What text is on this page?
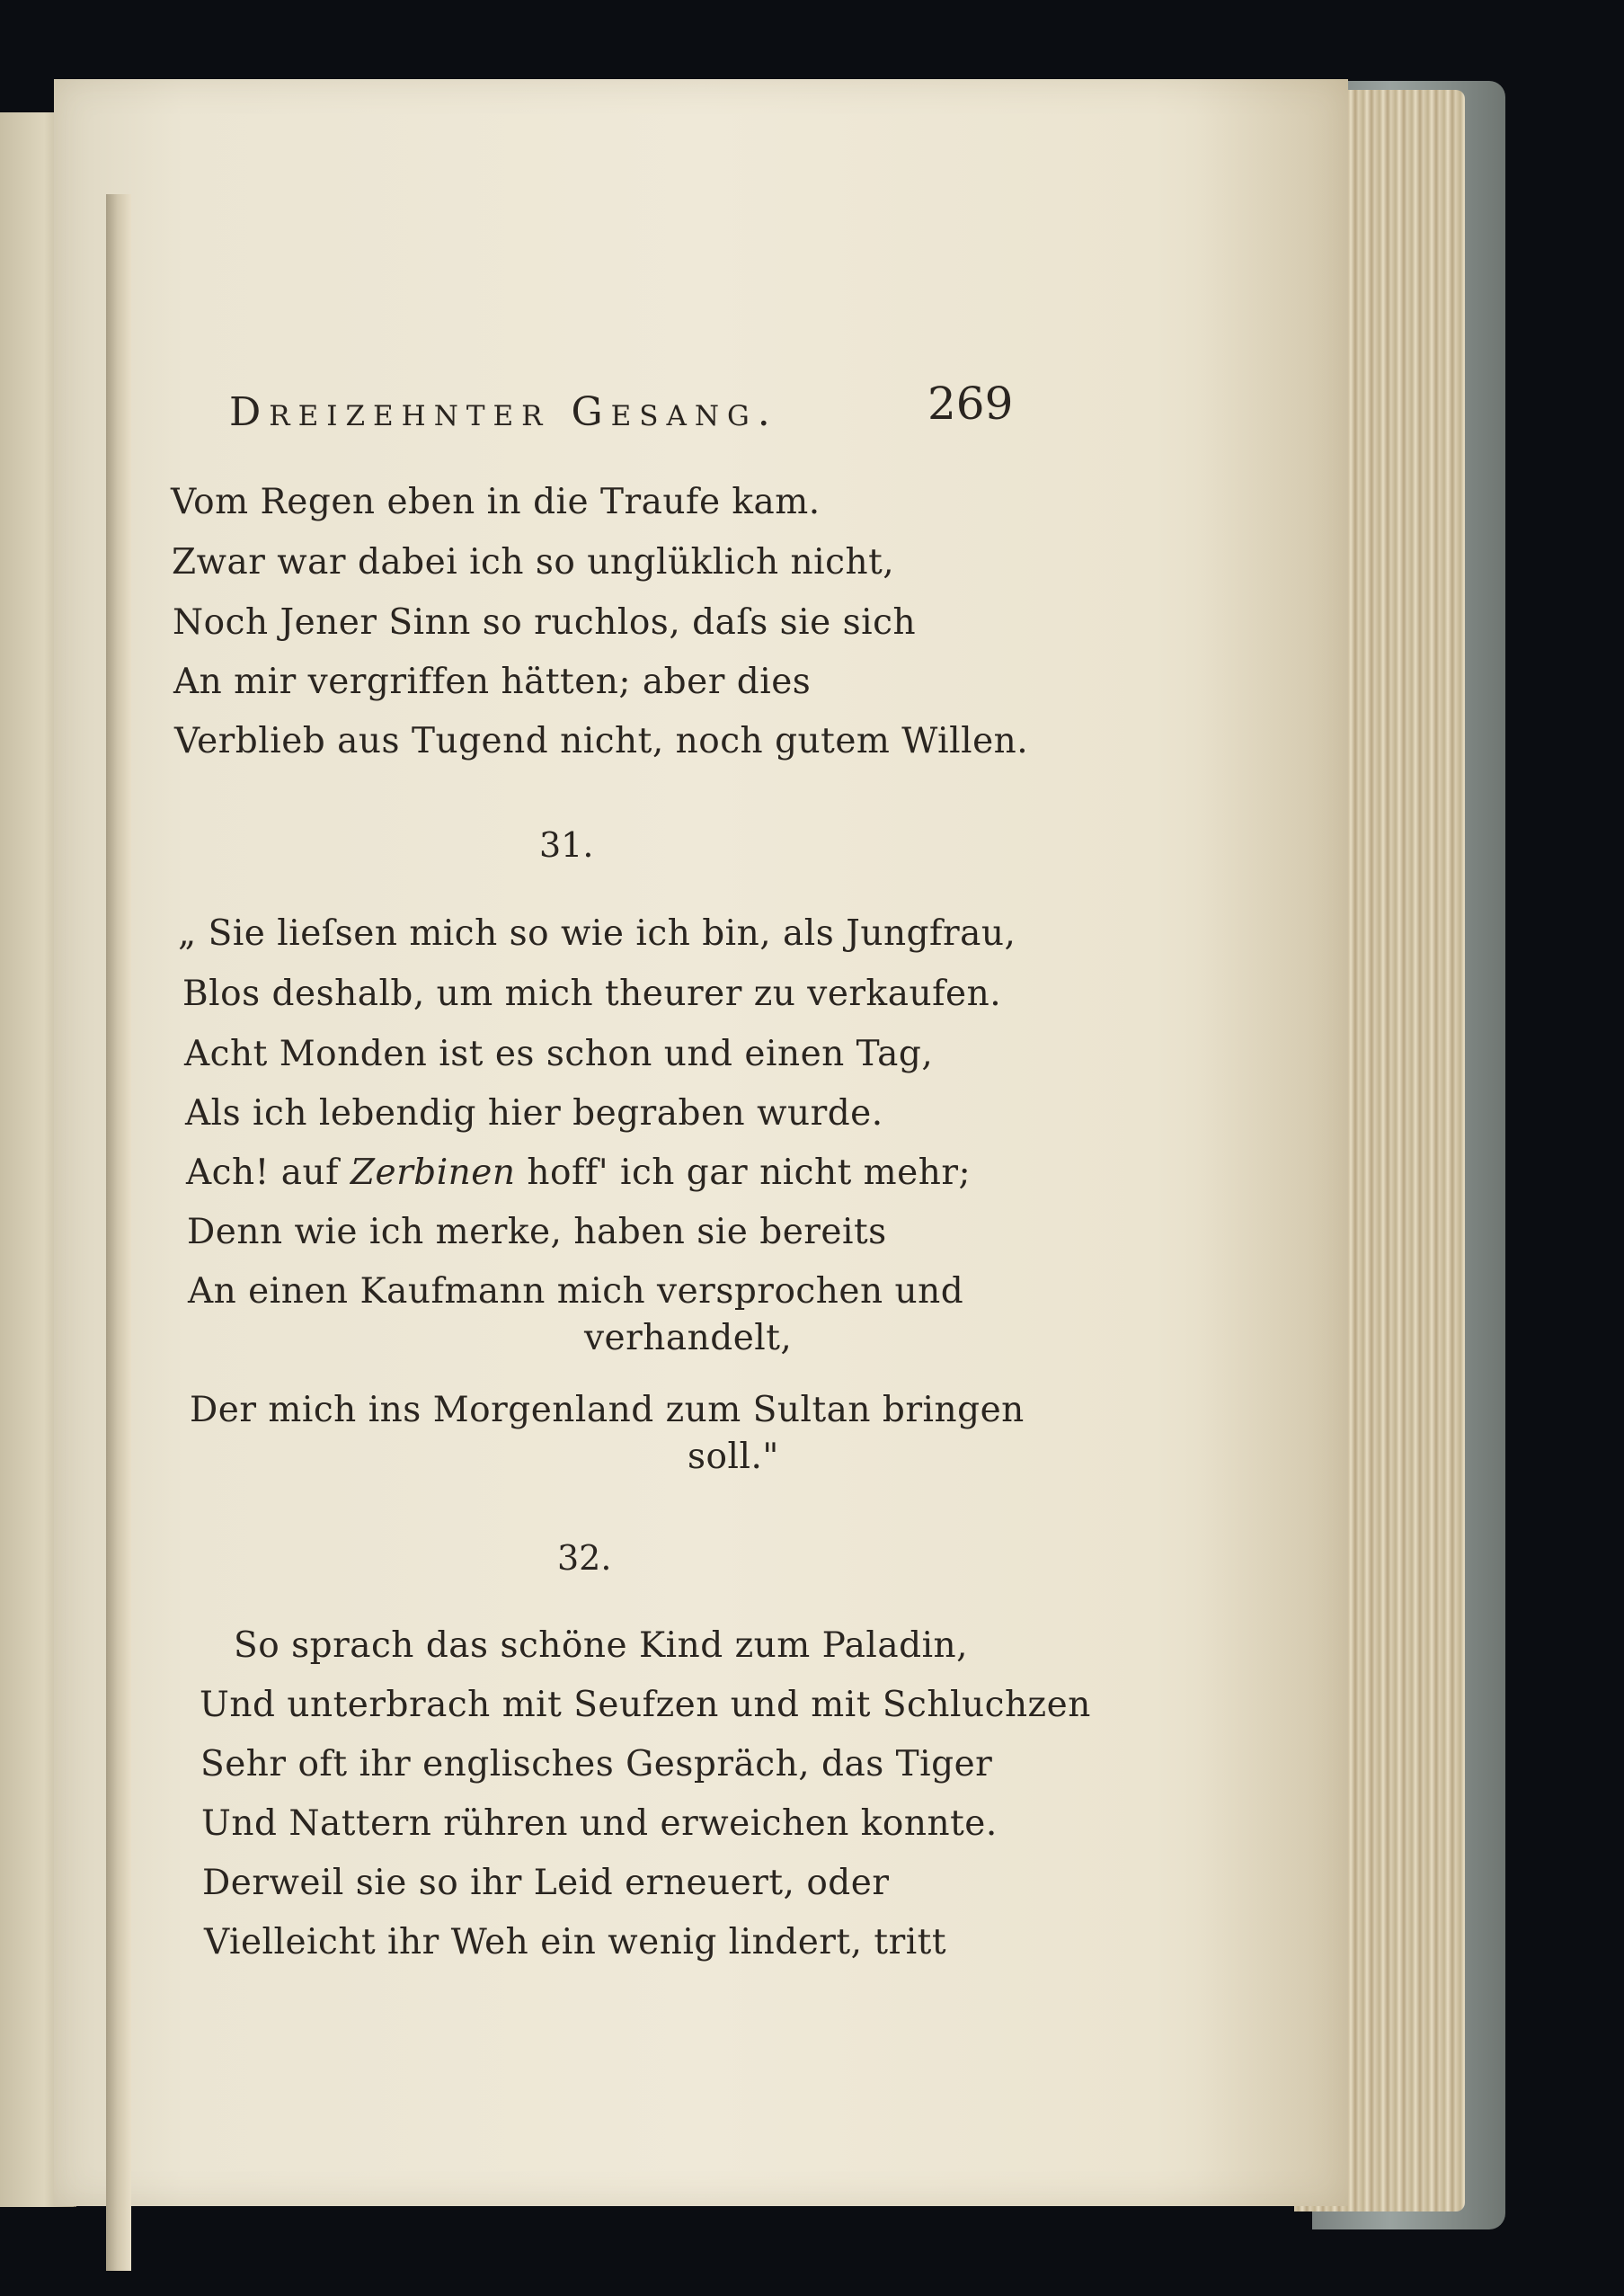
Dreizehnter Gesang.	269
Vom Regen eben in die Traufe kam.
Zwar war dabei ich so unglüklich nicht,
Noch Jener Sinn so ruchlos, daſs sie sich
An mir vergriffen hätten; aber dies
Verblieb aus Tugend nicht, noch gutem Willen.
31.
„ Sie lieſsen mich so wie ich bin, als Jungfrau,
Blos deshalb, um mich theurer zu verkaufen.
Acht Monden ist es schon und einen Tag,
Als ich lebendig hier begraben wurde.
Ach! auf Zerbinen hoff' ich gar nicht mehr;
Denn wie ich merke, haben sie bereits
An einen Kaufmann mich versprochen und
verhandelt,
Der mich ins Morgenland zum Sultan bringen
soll."
32.
So sprach das schöne Kind zum Paladin,
Und unterbrach mit Seufzen und mit Schluchzen
Sehr oft ihr englisches Gespräch, das Tiger
Und Nattern rühren und erweichen konnte.
Derweil sie so ihr Leid erneuert, oder
Vielleicht ihr Weh ein wenig lindert, tritt
